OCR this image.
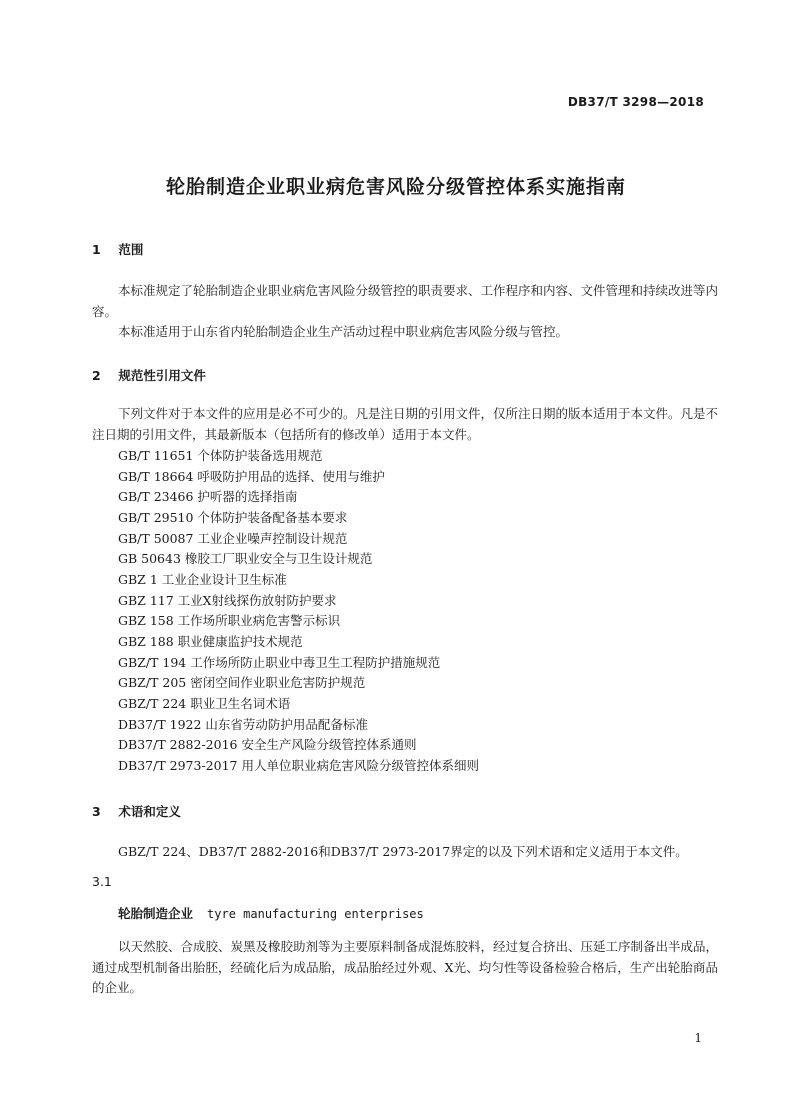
DB37/T 3298—2018
轮胎制造企业职业病危害风险分级管控体系实施指南
1 范围
本标准规定了轮胎制造企业职业病危害风险分级管控的职责要求、工作程序和内容、文件管理和持续改进等内容。
本标准适用于山东省内轮胎制造企业生产活动过程中职业病危害风险分级与管控。
2 规范性引用文件
下列文件对于本文件的应用是必不可少的。凡是注日期的引用文件，仅所注日期的版本适用于本文件。凡是不注日期的引用文件，其最新版本（包括所有的修改单）适用于本文件。
GB/T 11651 个体防护装备选用规范
GB/T 18664 呼吸防护用品的选择、使用与维护
GB/T 23466 护听器的选择指南
GB/T 29510 个体防护装备配备基本要求
GB/T 50087 工业企业噪声控制设计规范
GB 50643 橡胶工厂职业安全与卫生设计规范
GBZ 1 工业企业设计卫生标准
GBZ 117 工业X射线探伤放射防护要求
GBZ 158 工作场所职业病危害警示标识
GBZ 188 职业健康监护技术规范
GBZ/T 194 工作场所防止职业中毒卫生工程防护措施规范
GBZ/T 205 密闭空间作业职业危害防护规范
GBZ/T 224 职业卫生名词术语
DB37/T 1922 山东省劳动防护用品配备标准
DB37/T 2882-2016 安全生产风险分级管控体系通则
DB37/T 2973-2017 用人单位职业病危害风险分级管控体系细则
3 术语和定义
GBZ/T 224、DB37/T 2882-2016和DB37/T 2973-2017界定的以及下列术语和定义适用于本文件。
3.1
轮胎制造企业 tyre manufacturing enterprises
以天然胶、合成胶、炭黑及橡胶助剂等为主要原料制备成混炼胶料，经过复合挤出、压延工序制备出半成品，通过成型机制备出胎胚，经硫化后为成品胎，成品胎经过外观、X光、均匀性等设备检验合格后，生产出轮胎商品的企业。
1
